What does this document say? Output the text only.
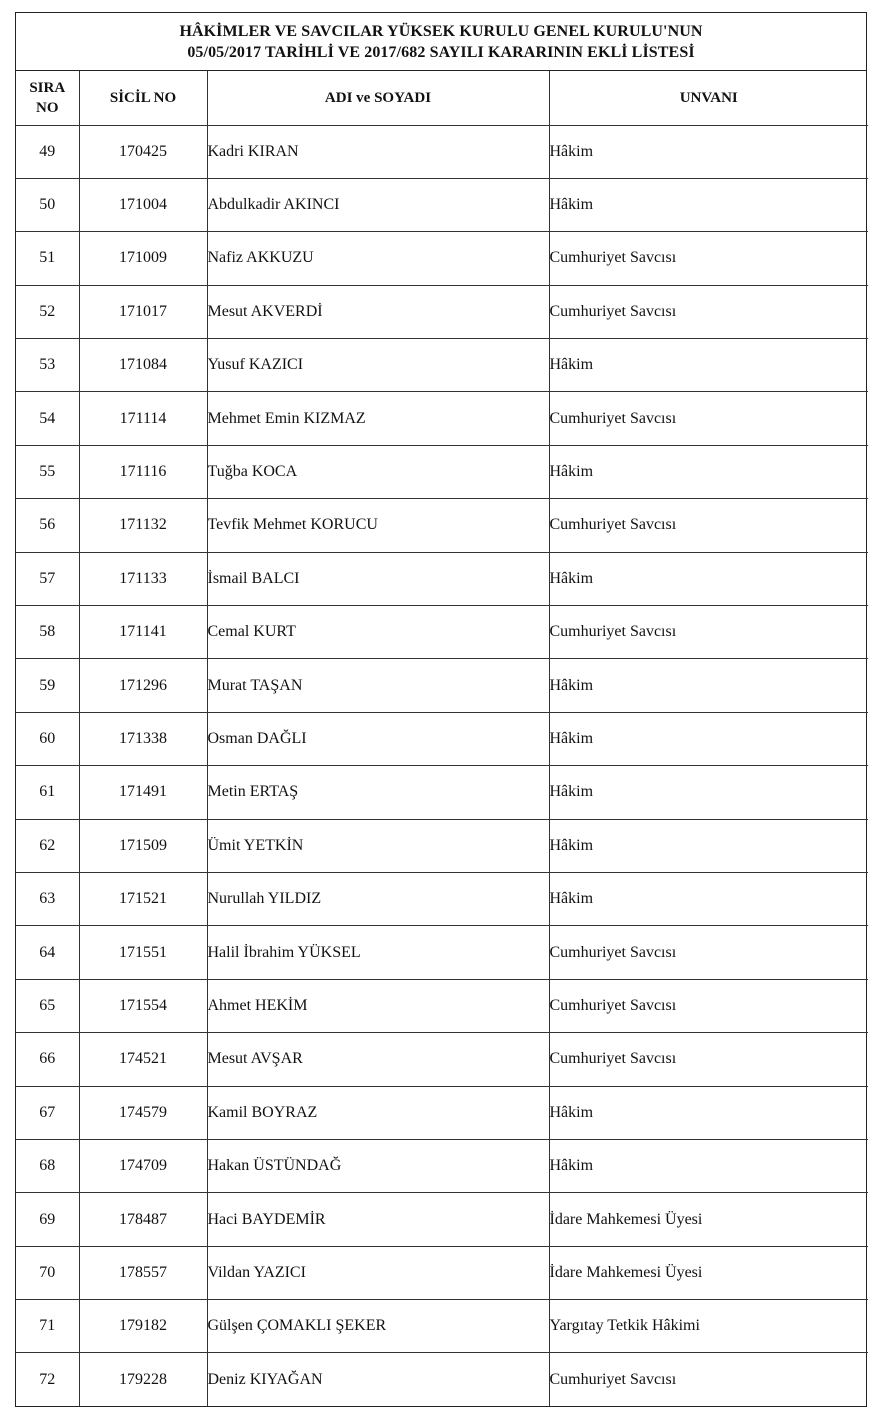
HÂKİMLER VE SAVCILAR YÜKSEK KURULU GENEL KURULU'NUN
05/05/2017 TARİHLİ VE 2017/682 SAYILI KARARININ EKLİ LİSTESİ
SIRA
NO	SİCİL NO	ADI ve SOYADI	UNVANI
49	170425	Kadri KIRAN	Hâkim
50	171004	Abdulkadir AKINCI	Hâkim
51	171009	Nafiz AKKUZU	Cumhuriyet Savcısı
52	171017	Mesut AKVERDİ	Cumhuriyet Savcısı
53	171084	Yusuf KAZICI	Hâkim
54	171114	Mehmet Emin KIZMAZ	Cumhuriyet Savcısı
55	171116	Tuğba KOCA	Hâkim
56	171132	Tevfik Mehmet KORUCU	Cumhuriyet Savcısı
57	171133	İsmail BALCI	Hâkim
58	171141	Cemal KURT	Cumhuriyet Savcısı
59	171296	Murat TAŞAN	Hâkim
60	171338	Osman DAĞLI	Hâkim
61	171491	Metin ERTAŞ	Hâkim
62	171509	Ümit YETKİN	Hâkim
63	171521	Nurullah YILDIZ	Hâkim
64	171551	Halil İbrahim YÜKSEL	Cumhuriyet Savcısı
65	171554	Ahmet HEKİM	Cumhuriyet Savcısı
66	174521	Mesut AVŞAR	Cumhuriyet Savcısı
67	174579	Kamil BOYRAZ	Hâkim
68	174709	Hakan ÜSTÜNDAĞ	Hâkim
69	178487	Haci BAYDEMİR	İdare Mahkemesi Üyesi
70	178557	Vildan YAZICI	İdare Mahkemesi Üyesi
71	179182	Gülşen ÇOMAKLI ŞEKER	Yargıtay Tetkik Hâkimi
72	179228	Deniz KIYAĞAN	Cumhuriyet Savcısı
